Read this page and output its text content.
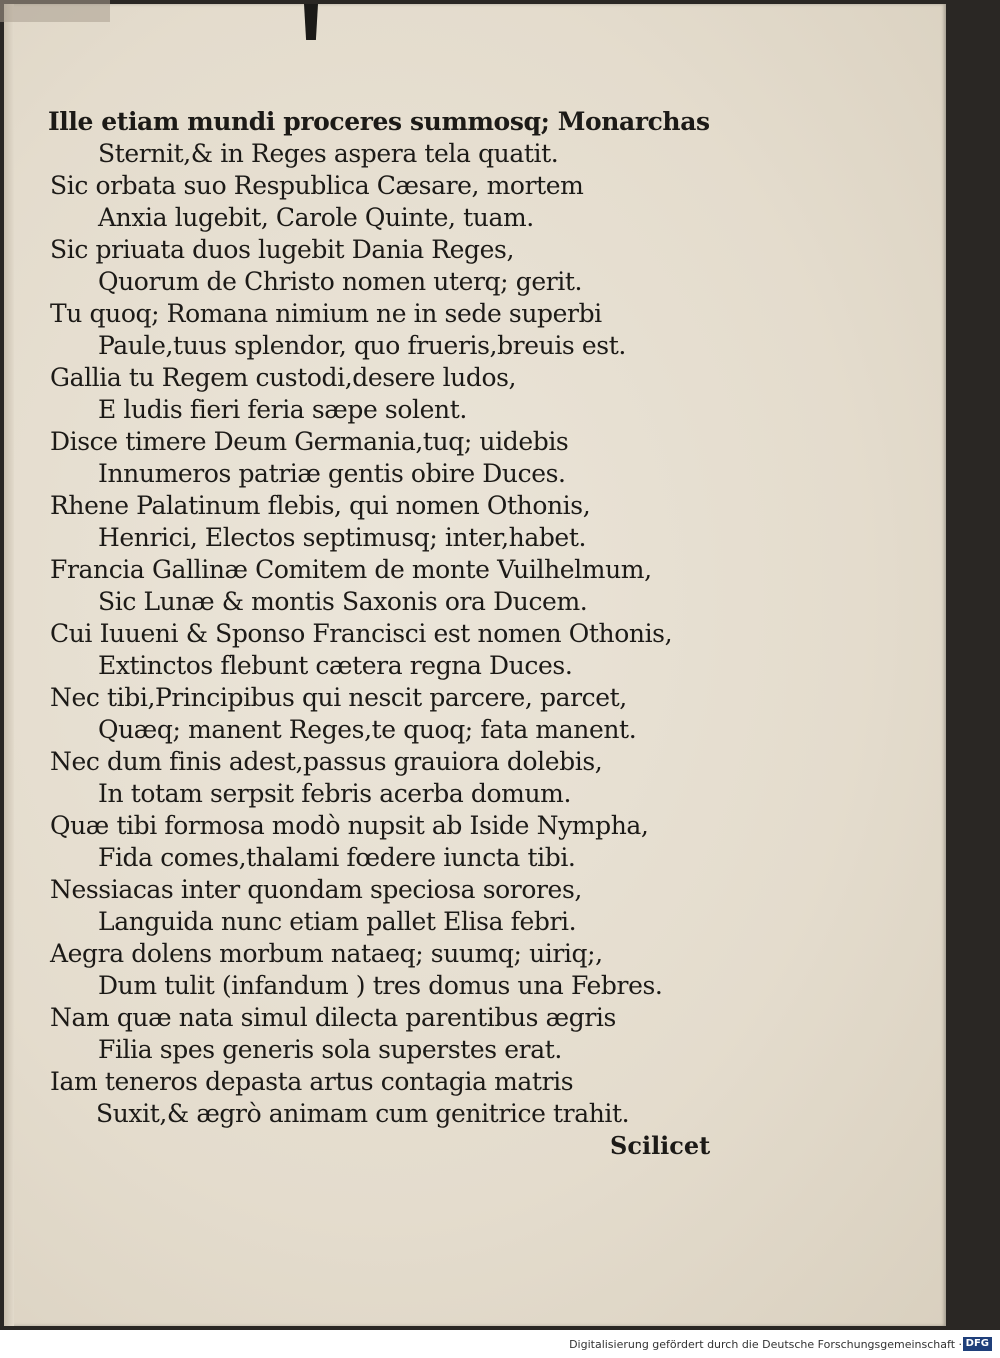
Ille etiam mundi proceres summosq; Monarchas
Sternit,& in Reges aspera tela quatit.
Sic orbata suo Respublica Cæsare, mortem
Anxia lugebit, Carole Quinte, tuam.
Sic priuata duos lugebit Dania Reges,
Quorum de Christo nomen uterq; gerit.
Tu quoq; Romana nimium ne in sede superbi
Paule,tuus splendor, quo frueris,breuis est.
Gallia tu Regem custodi,desere ludos,
E ludis fieri feria sæpe solent.
Disce timere Deum Germania,tuq; uidebis
Innumeros patriæ gentis obire Duces.
Rhene Palatinum flebis, qui nomen Othonis,
Henrici, Electos septimusq; inter,habet.
Francia Gallinæ Comitem de monte Vuilhelmum,
Sic Lunæ & montis Saxonis ora Ducem.
Cui Iuueni & Sponso Francisci est nomen Othonis,
Extinctos flebunt cætera regna Duces.
Nec tibi,Principibus qui nescit parcere, parcet,
Quæq; manent Reges,te quoq; fata manent.
Nec dum finis adest,passus grauiora dolebis,
In totam serpsit febris acerba domum.
Quæ tibi formosa modò nupsit ab Iside Nympha,
Fida comes,thalami fœdere iuncta tibi.
Nessiacas inter quondam speciosa sorores,
Languida nunc etiam pallet Elisa febri.
Aegra dolens morbum nataeq; suumq; uiriq;,
Dum tulit (infandum ) tres domus una Febres.
Nam quæ nata simul dilecta parentibus ægris
Filia spes generis sola superstes erat.
Iam teneros depasta artus contagia matris
Suxit,& ægrò animam cum genitrice trahit.
Scilicet
Digitalisierung gefördert durch die Deutsche Forschungsgemeinschaft · DFG
